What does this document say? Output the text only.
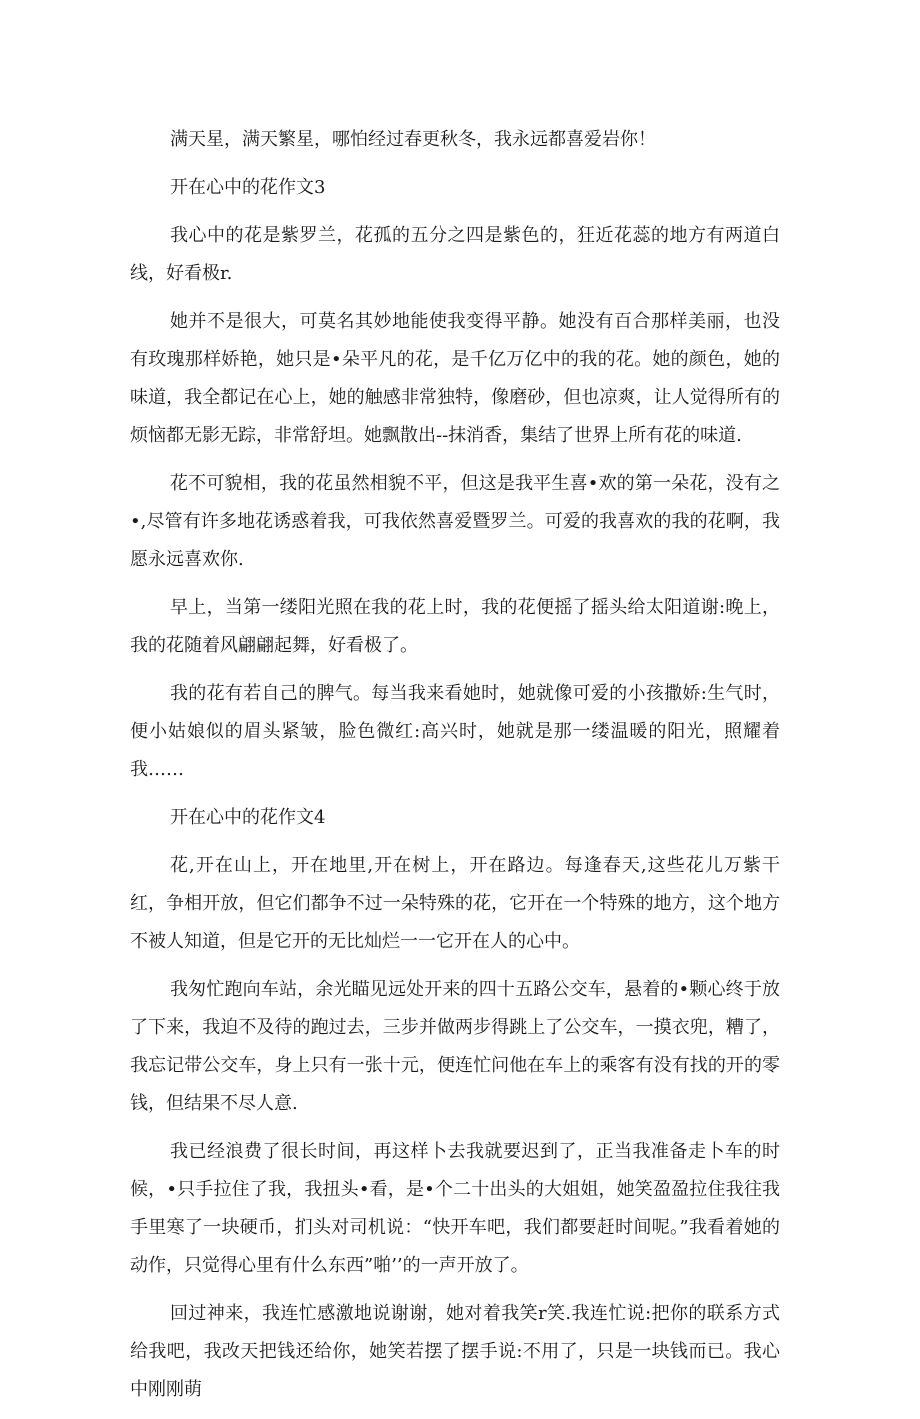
满天星，满天繁星，哪怕经过春更秋冬，我永远都喜爱岩你！

开在心中的花作文3

我心中的花是紫罗兰，花孤的五分之四是紫色的，狂近花蕊的地方有两道白线，好看极r.

她并不是很大，可莫名其妙地能使我变得平静。她没有百合那样美丽，也没有玫瑰那样娇艳，她只是•朵平凡的花，是千亿万亿中的我的花。她的颜色，她的味道，我全都记在心上，她的触感非常独特，像磨砂，但也凉爽，让人觉得所有的烦恼都无影无踪，非常舒坦。她飘散出--抹消香，集结了世界上所有花的味道.

花不可貌相，我的花虽然相貌不平，但这是我平生喜•欢的第一朵花，没有之•,尽管有许多地花诱惑着我，可我依然喜爱暨罗兰。可爱的我喜欢的我的花啊，我愿永远喜欢你.

早上，当第一缕阳光照在我的花上时，我的花便摇了摇头给太阳道谢:晚上，我的花随着风翩翩起舞，好看极了。

我的花有若自己的脾气。每当我来看她时，她就像可爱的小孩撒娇:生气时，便小姑娘似的眉头紧皱，脸色微红:高兴时，她就是那一缕温暖的阳光，照耀着我……

开在心中的花作文4

花,开在山上，开在地里,开在树上，开在路边。每逢春天,这些花儿万紫干红，争相开放，但它们都争不过一朵特殊的花，它开在一个特殊的地方，这个地方不被人知道，但是它开的无比灿烂一一它开在人的心中。

我匆忙跑向车站，余光瞄见远处开来的四十五路公交车，悬着的•颗心终于放了下来，我迫不及待的跑过去，三步并做两步得跳上了公交车，一摸衣兜，糟了，我忘记带公交车，身上只有一张十元，便连忙问他在车上的乘客有没有找的开的零钱，但结果不尽人意.

我已经浪费了很长时间，再这样卜去我就要迟到了，正当我准备走卜车的时候，•只手拉住了我，我扭头•看，是•个二十出头的大姐姐，她笑盈盈拉住我往我手里寒了一块硬币，扪头对司机说：“快开车吧，我们都要赶时间呢。”我看着她的动作，只觉得心里有什么东西”啪’’的一声开放了。

回过神来，我连忙感激地说谢谢，她对着我笑r笑.我连忙说:把你的联系方式给我吧，我改天把钱还给你，她笑若摆了摆手说:不用了，只是一块钱而已。我心中刚刚萌
